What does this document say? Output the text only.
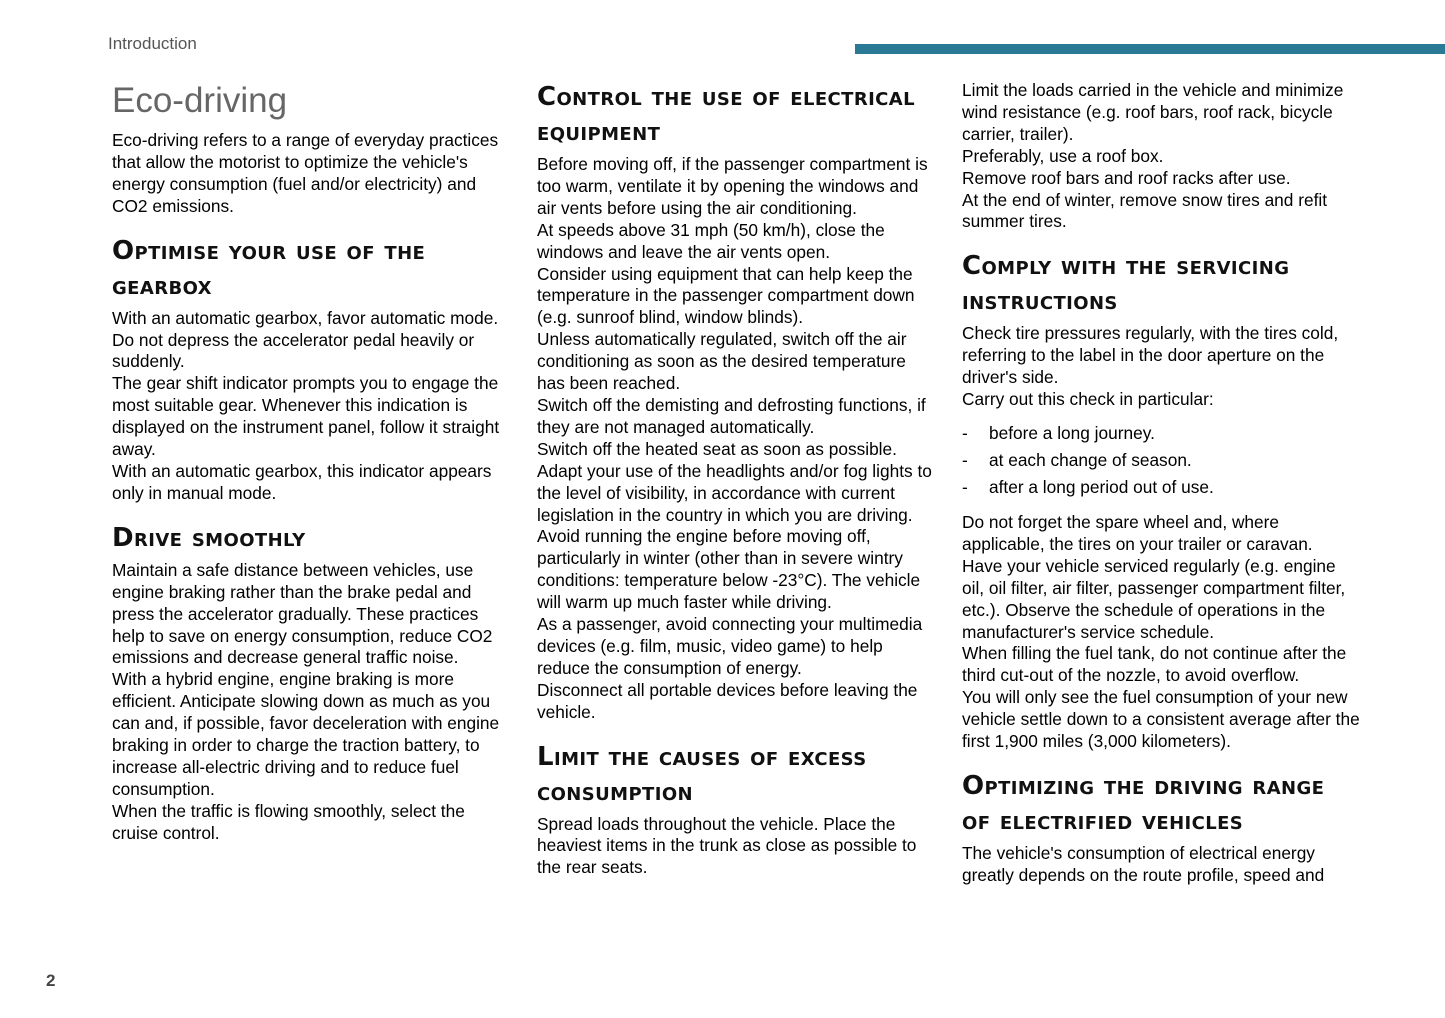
Introduction
Eco-driving

Eco-driving refers to a range of everyday practices that allow the motorist to optimize the vehicle's energy consumption (fuel and/or electricity) and CO2 emissions.

Optimise your use of the gearbox

With an automatic gearbox, favor automatic mode. Do not depress the accelerator pedal heavily or suddenly.

The gear shift indicator prompts you to engage the most suitable gear. Whenever this indication is displayed on the instrument panel, follow it straight away.

With an automatic gearbox, this indicator appears only in manual mode.

Drive smoothly

Maintain a safe distance between vehicles, use engine braking rather than the brake pedal and press the accelerator gradually. These practices help to save on energy consumption, reduce CO2 emissions and decrease general traffic noise.

With a hybrid engine, engine braking is more efficient. Anticipate slowing down as much as you can and, if possible, favor deceleration with engine braking in order to charge the traction battery, to increase all-electric driving and to reduce fuel consumption.

When the traffic is flowing smoothly, select the cruise control.

Control the use of electrical equipment

Before moving off, if the passenger compartment is too warm, ventilate it by opening the windows and air vents before using the air conditioning.

At speeds above 31 mph (50 km/h), close the windows and leave the air vents open.

Consider using equipment that can help keep the temperature in the passenger compartment down (e.g. sunroof blind, window blinds).

Unless automatically regulated, switch off the air conditioning as soon as the desired temperature has been reached.

Switch off the demisting and defrosting functions, if they are not managed automatically.

Switch off the heated seat as soon as possible.

Adapt your use of the headlights and/or fog lights to the level of visibility, in accordance with current legislation in the country in which you are driving.

Avoid running the engine before moving off, particularly in winter (other than in severe wintry conditions: temperature below -23°C). The vehicle will warm up much faster while driving.

As a passenger, avoid connecting your multimedia devices (e.g. film, music, video game) to help reduce the consumption of energy.

Disconnect all portable devices before leaving the vehicle.

Limit the causes of excess consumption

Spread loads throughout the vehicle. Place the heaviest items in the trunk as close as possible to the rear seats.

Limit the loads carried in the vehicle and minimize wind resistance (e.g. roof bars, roof rack, bicycle carrier, trailer).

Preferably, use a roof box.

Remove roof bars and roof racks after use.

At the end of winter, remove snow tires and refit summer tires.

Comply with the servicing instructions

Check tire pressures regularly, with the tires cold, referring to the label in the door aperture on the driver's side.

Carry out this check in particular:

- before a long journey.
- at each change of season.
- after a long period out of use.

Do not forget the spare wheel and, where applicable, the tires on your trailer or caravan.

Have your vehicle serviced regularly (e.g. engine oil, oil filter, air filter, passenger compartment filter, etc.). Observe the schedule of operations in the manufacturer's service schedule.

When filling the fuel tank, do not continue after the third cut-out of the nozzle, to avoid overflow.

You will only see the fuel consumption of your new vehicle settle down to a consistent average after the first 1,900 miles (3,000 kilometers).

Optimizing the driving range of electrified vehicles

The vehicle's consumption of electrical energy greatly depends on the route profile, speed and

2
